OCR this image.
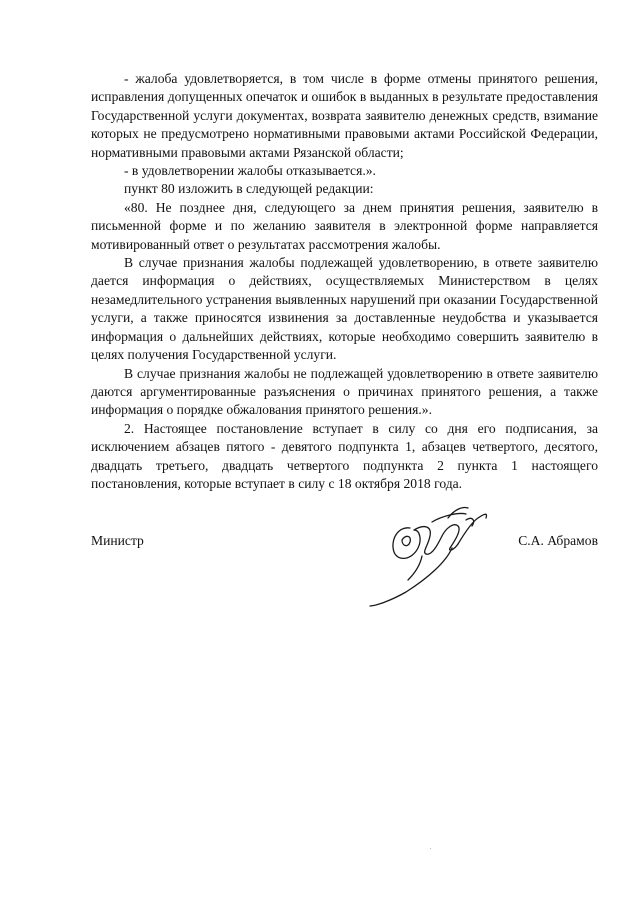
- жалоба удовлетворяется, в том числе в форме отмены принятого решения, исправления допущенных опечаток и ошибок в выданных в результате предоставления Государственной услуги документах, возврата заявителю денежных средств, взимание которых не предусмотрено нормативными правовыми актами Российской Федерации, нормативными правовыми актами Рязанской области;

- в удовлетворении жалобы отказывается.».

пункт 80 изложить в следующей редакции:

«80. Не позднее дня, следующего за днем принятия решения, заявителю в письменной форме и по желанию заявителя в электронной форме направляется мотивированный ответ о результатах рассмотрения жалобы.

В случае признания жалобы подлежащей удовлетворению, в ответе заявителю дается информация о действиях, осуществляемых Министерством в целях незамедлительного устранения выявленных нарушений при оказании Государственной услуги, а также приносятся извинения за доставленные неудобства и указывается информация о дальнейших действиях, которые необходимо совершить заявителю в целях получения Государственной услуги.

В случае признания жалобы не подлежащей удовлетворению в ответе заявителю даются аргументированные разъяснения о причинах принятого решения, а также информация о порядке обжалования принятого решения.».

2. Настоящее постановление вступает в силу со дня его подписания, за исключением абзацев пятого - девятого подпункта 1, абзацев четвертого, десятого, двадцать третьего, двадцать четвертого подпункта 2 пункта 1 настоящего постановления, которые вступает в силу с 18 октября 2018 года.

Министр	С.А. Абрамов
